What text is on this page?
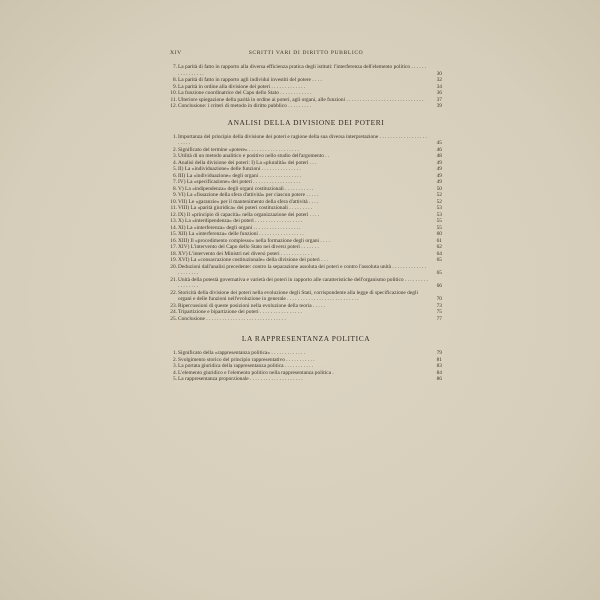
XIV	SCRITTI VARI DI DIRITTO PUBBLICO
7. La parità di fatto in rapporto alla diversa efficienza pratica degli istituti: l'interferenza dell'elemento politico . . . . . . . . . . . . . . . .	30
8. La parità di fatto in rapporto agli individui investiti del potere . . . .	32
9. La parità in ordine alla divisione dei poteri . . . . . . . . . . . . .	34
10. La funzione coordinatrice del Capo dello Stato . . . . . . . . . . . .	36
11. Ulteriore spiegazione della parità in ordine ai poteri, agli organi, alle funzioni . . . . . . . . . . . . . . . . . . . . . . . . . . . . .	37
12. Conclusione: i criteri di metodo in diritto pubblico . . . . . . . . .	39
ANALISI DELLA DIVISIONE DEI POTERI
1. Importanza del principio della divisione dei poteri e ragione della sua diversa interpretazione . . . . . . . . . . . . . . . . . . . . . . .	45
2. Significato del termine «potere» . . . . . . . . . . . . . . . . . . .	46
3. Utilità di un metodo analitico e positivo nello studio dell'argomento . .	48
4. Analisi della divisione dei poteri: I) La «pluralità» dei poteri . . .	49
5. II) La «individuazione» delle funzioni . . . . . . . . . . . . . . .	49
6. III) La «individuazione» degli organi . . . . . . . . . . . . . . . .	49
7. IV) La «specificazione» dei poteri . . . . . . . . . . . . . . . . . .	49
8. V) La «indipendenza» degli organi costituzionali . . . . . . . . . . .	50
9. VI) La «fissazione della sfera d'attività» per ciascun potere . . . . .	52
10. VII) Le «garanzie» per il mantenimento della sfera d'attività . . . .	52
11. VIII) La «parità giuridica» dei poteri costituzionali . . . . . . . . .	53
12. IX) Il «principio di capacità» nella organizzazione dei poteri . . . .	53
13. X) La «interdipendenza» dei poteri . . . . . . . . . . . . . . . . . .	55
14. XI) La «interferenza» degli organi . . . . . . . . . . . . . . . . . .	55
15. XII) La «interferenza» delle funzioni . . . . . . . . . . . . . . . . .	60
16. XIII) Il «procedimento complesso» nella formazione degli organi . . . .	61
17. XIV) L'intervento del Capo dello Stato nei diversi poteri . . . . . . .	62
18. XV) L'intervento dei Ministri nei diversi poteri . . . . . . . . . . . .	64
19. XVI) La «consacrazione costituzionale» della divisione dei poteri . . .	65
20. Deduzioni dall'analisi precedente: contro la separazione assoluta dei poteri e contro l'assoluta unità . . . . . . . . . . . . . . . . . . . . .	65
21. Unità della potestà governativa e varietà dei poteri in rapporto alle caratteristiche dell'organismo politico . . . . . . . . . . . . . . . . .	66
22. Storicità della divisione dei poteri nella evoluzione degli Stati, corrispondente alla legge di specificazione degli organi e delle funzioni nell'evoluzione in generale . . . . . . . . . . . . . . . . . . . . . . . . . . .	70
23. Ripercussioni di queste posizioni nella evoluzione della teoria . . . . .	73
24. Tripartizione e bipartizione dei poteri . . . . . . . . . . . . . . . .	75
25. Conclusione . . . . . . . . . . . . . . . . . . . . . . . . . . . . . .	77
LA RAPPRESENTANZA POLITICA
1. Significato della «rappresentanza politica» . . . . . . . . . . . . .	79
2. Svolgimento storico del principio rappresentativo . . . . . . . . . . .	81
3. La portata giuridica della rappresentanza politica . . . . . . . . . . .	83
4. L'elemento giuridico e l'elemento politico nella rappresentanza politica .	84
5. La rappresentanza proporzionale . . . . . . . . . . . . . . . . . . . .	86
